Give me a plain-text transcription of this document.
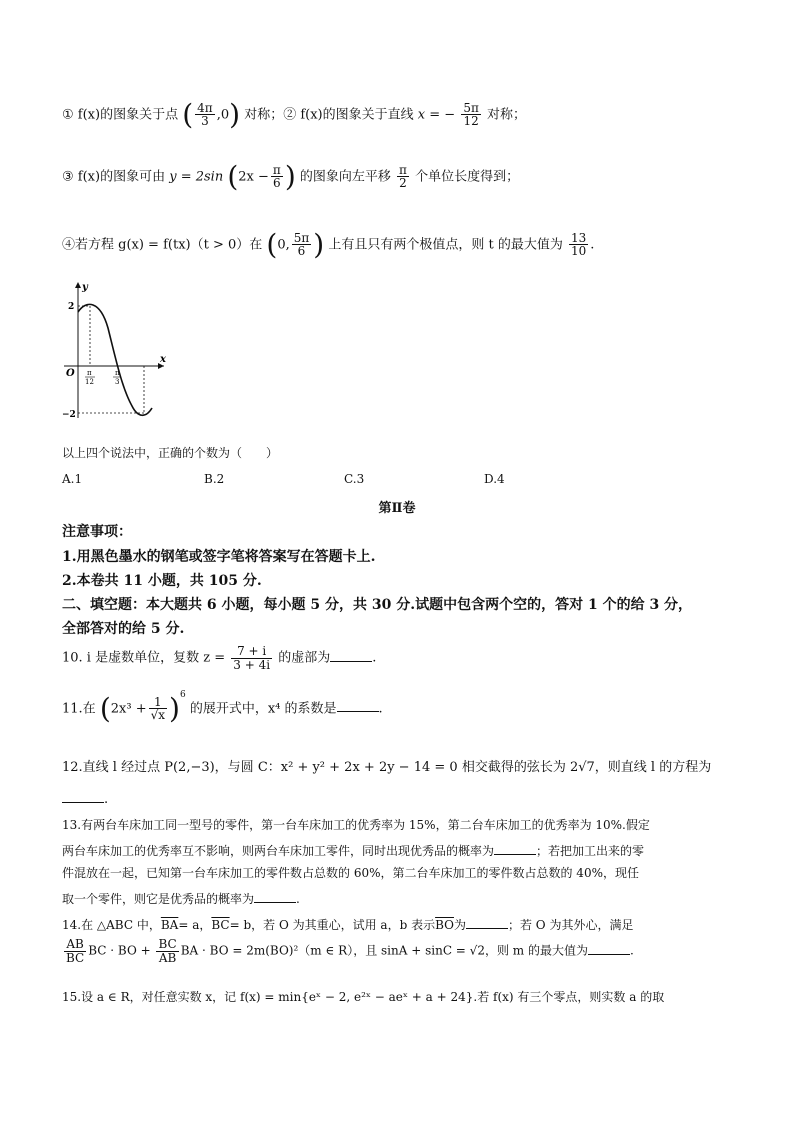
① f(x)的图象关于点 ( $\frac{4\pi}{3} ,0$) 对称；② f(x)的图象关于直线 x = − $\frac{5\pi}{12}$ 对称；
③ f(x)的图象可由 y = 2sin ($2x - \frac{\pi}{6}$ ) 的图象向左平移 $\frac{\pi}{2}$ 个单位长度得到；
④若方程 g(x) = f(tx)（t > 0）在 (0, $\frac{5\pi}{6}$ ) 上有且只有两个极值点，则 t 的最大值为 $\frac{13}{10}$ .
y
x
O
2
−2
π
12
π
3
以上四个说法中，正确的个数为（　　）
A.1	B.2	C.3	D.4
第Ⅱ卷
注意事项：
1.用黑色墨水的钢笔或签字笔将答案写在答题卡上.
2.本卷共 11 小题，共 105 分.
二、填空题：本大题共 6 小题，每小题 5 分，共 30 分.试题中包含两个空的，答对 1 个的给 3 分，
全部答对的给 5 分.
10. i 是虚数单位，复数 $z = \frac{7 + i}{3 + 4i}$ 的虚部为	.
11.在 $(2x^3 + \frac{1}{√x} )^6$ 的展开式中，x⁴ 的系数是	.
12.直线 l 经过点 P(2,−3)，与圆 C：x² + y² + 2x + 2y − 14 = 0 相交截得的弦长为 2√7，则直线 l 的方程为
.
13.有两台车床加工同一型号的零件，第一台车床加工的优秀率为 15%，第二台车床加工的优秀率为 10%.假定
两台车床加工的优秀率互不影响，则两台车床加工零件，同时出现优秀品的概率为	；若把加工出来的零
件混放在一起，已知第一台车床加工的零件数占总数的 60%，第二台车床加工的零件数占总数的 40%，现任
取一个零件，则它是优秀品的概率为	.
14.在 △ABC 中，$\overline{BA}= a$，$\overline{BC}= b$，若 O 为其重心，试用 a，b 表示$\overline{BO}$为	；若 O 为其外心，满足
$\frac{AB}{BC}$ BC · BO + $\frac{BC}{AB}$ BA · BO = 2m(BO)²（m ∈ R），且 sinA + sinC = √2，则 m 的最大值为	.
15.设 a ∈ R，对任意实数 x，记 f(x) = min{eˣ − 2, e²ˣ − aeˣ + a + 24}.若 f(x) 有三个零点，则实数 a 的取
